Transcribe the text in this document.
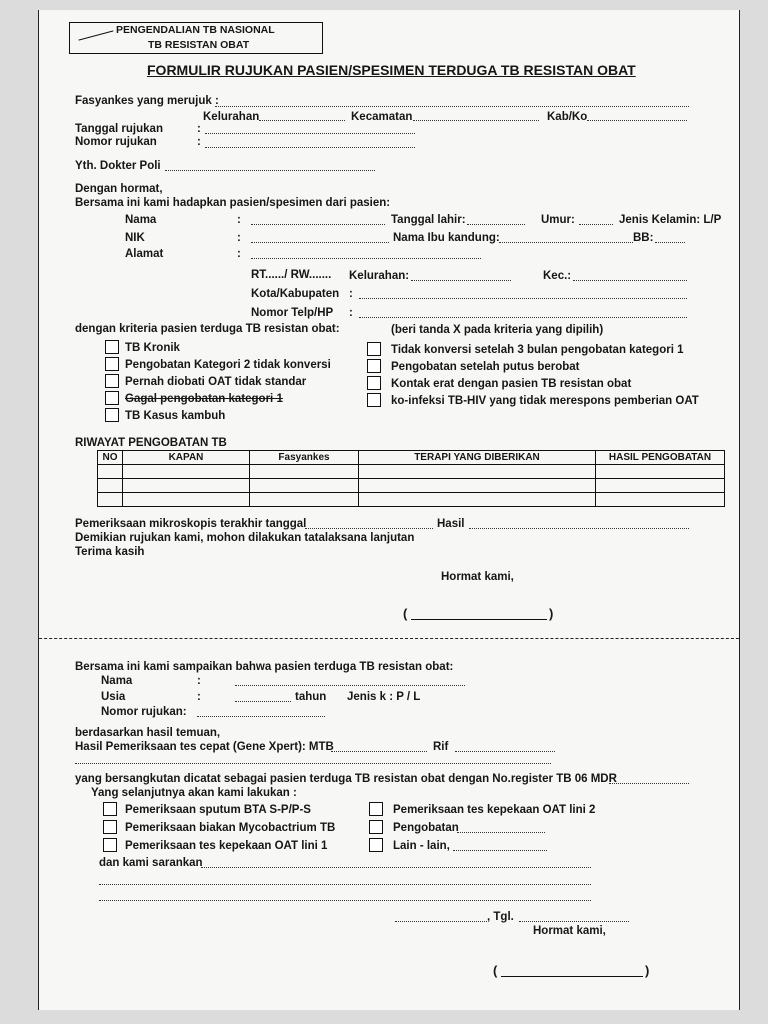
PENGENDALIAN TB NASIONAL
TB RESISTAN OBAT
FORMULIR RUJUKAN PASIEN/SPESIMEN TERDUGA TB RESISTAN OBAT
Fasyankes yang merujuk :
Kelurahan	Kecamatan	Kab/Ko
Tanggal rujukan	:
Nomor rujukan	:
Yth. Dokter Poli
Dengan hormat,
Bersama ini kami hadapkan pasien/spesimen dari pasien:
Nama	:	Tanggal lahir:	Umur:	Jenis Kelamin: L/P
NIK	:	Nama Ibu kandung:	BB:
Alamat	:
RT....../ RW....... Kelurahan:	Kec.:
Kota/Kabupaten :
Nomor Telp/HP :
dengan kriteria pasien terduga TB resistan obat:	(beri tanda X pada kriteria yang dipilih)
TB Kronik
Pengobatan Kategori 2 tidak konversi
Pernah diobati OAT tidak standar
Gagal pengobatan kategori 1
TB Kasus kambuh
Tidak konversi setelah 3 bulan pengobatan kategori 1
Pengobatan setelah putus berobat
Kontak erat dengan pasien TB resistan obat
ko-infeksi TB-HIV yang tidak merespons pemberian OAT
RIWAYAT PENGOBATAN TB
NO	KAPAN	Fasyankes	TERAPI YANG DIBERIKAN	HASIL PENGOBATAN

Pemeriksaan mikroskopis terakhir tanggal	Hasil
Demikian rujukan kami, mohon dilakukan tatalaksana lanjutan
Terima kasih
Hormat kami,
(	)
Bersama ini kami sampaikan bahwa pasien terduga TB resistan obat:
Nama	:
Usia	:	tahun Jenis k : P / L
Nomor rujukan:
berdasarkan hasil temuan,
Hasil Pemeriksaan tes cepat (Gene Xpert): MTB	Rif
yang bersangkutan dicatat sebagai pasien terduga TB resistan obat dengan No.register TB 06 MDR
Yang selanjutnya akan kami lakukan :
Pemeriksaan sputum BTA S-P/P-S
Pemeriksaan biakan Mycobactrium TB
Pemeriksaan tes kepekaan OAT lini 1
Pemeriksaan tes kepekaan OAT lini 2
Pengobatan
Lain - lain,
dan kami sarankan
, Tgl.
Hormat kami,
(	)
